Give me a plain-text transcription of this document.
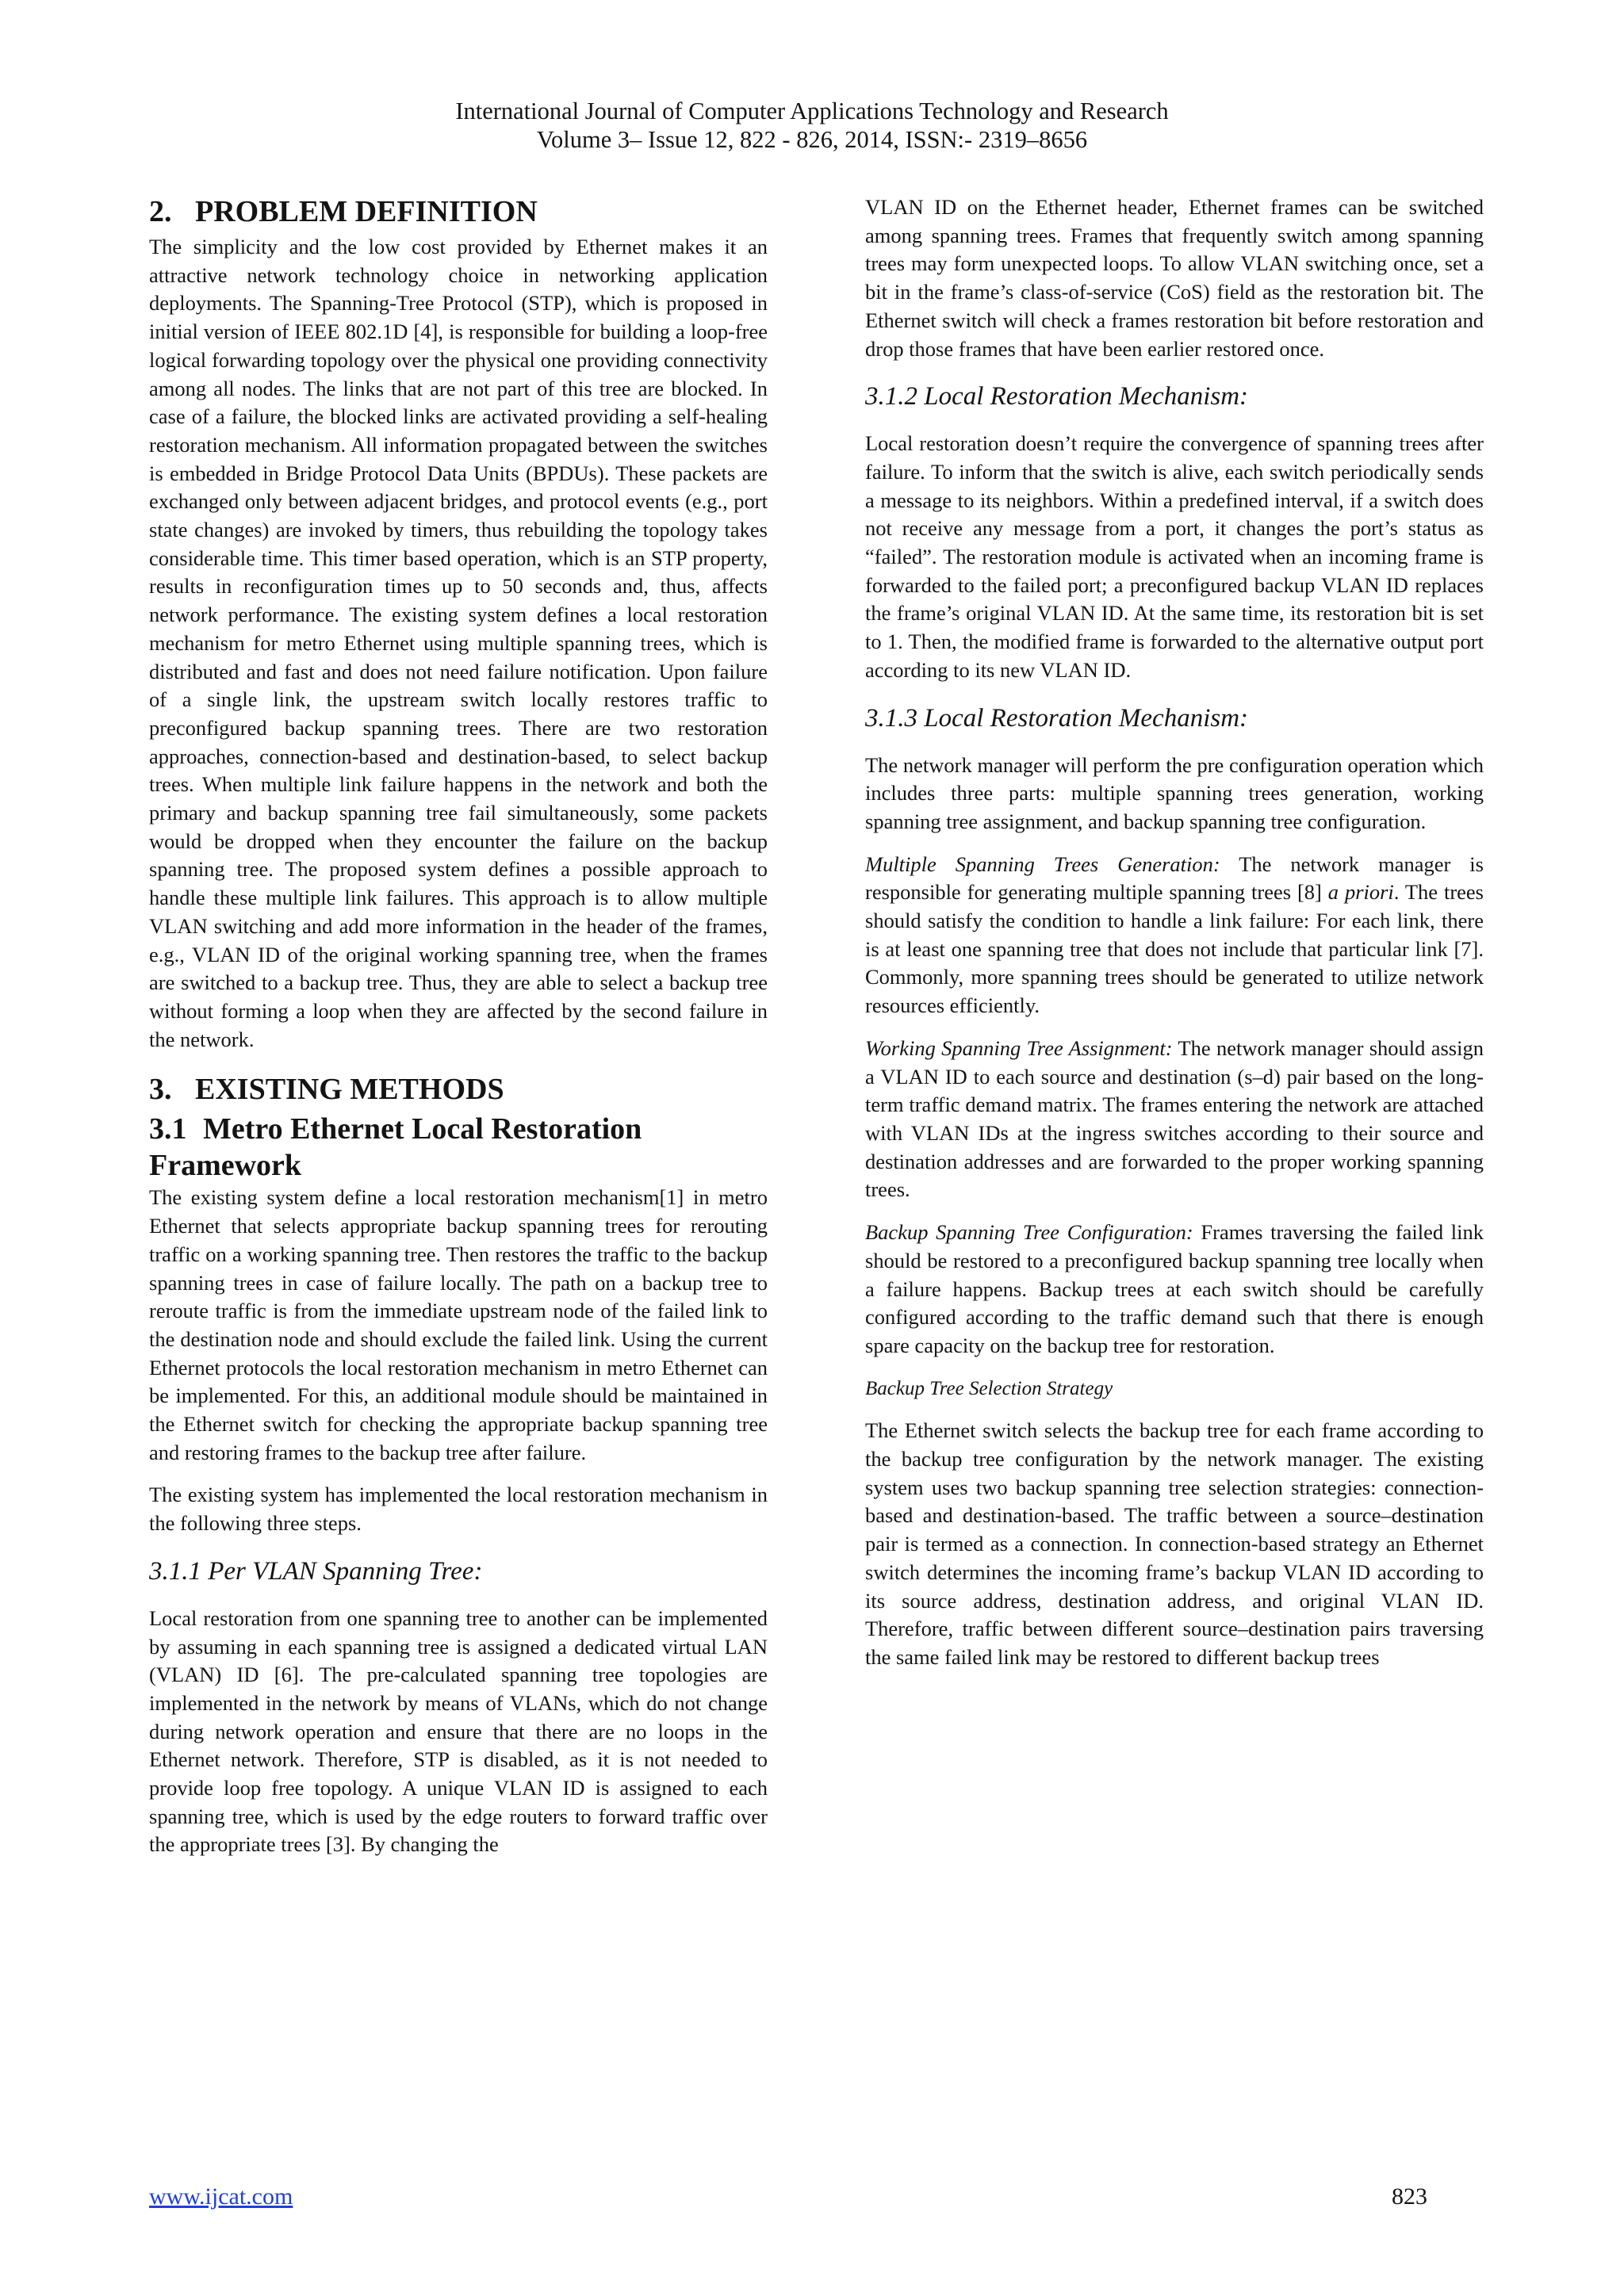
International Journal of Computer Applications Technology and Research
Volume 3– Issue 12, 822 - 826, 2014, ISSN:- 2319–8656
2. PROBLEM DEFINITION

The simplicity and the low cost provided by Ethernet makes it an attractive network technology choice in networking application deployments. The Spanning-Tree Protocol (STP), which is proposed in initial version of IEEE 802.1D [4], is responsible for building a loop-free logical forwarding topology over the physical one providing connectivity among all nodes. The links that are not part of this tree are blocked. In case of a failure, the blocked links are activated providing a self-healing restoration mechanism. All information propagated between the switches is embedded in Bridge Protocol Data Units (BPDUs). These packets are exchanged only between adjacent bridges, and protocol events (e.g., port state changes) are invoked by timers, thus rebuilding the topology takes considerable time. This timer based operation, which is an STP property, results in reconfiguration times up to 50 seconds and, thus, affects network performance. The existing system defines a local restoration mechanism for metro Ethernet using multiple spanning trees, which is distributed and fast and does not need failure notification. Upon failure of a single link, the upstream switch locally restores traffic to preconfigured backup spanning trees. There are two restoration approaches, connection-based and destination-based, to select backup trees. When multiple link failure happens in the network and both the primary and backup spanning tree fail simultaneously, some packets would be dropped when they encounter the failure on the backup spanning tree. The proposed system defines a possible approach to handle these multiple link failures. This approach is to allow multiple VLAN switching and add more information in the header of the frames, e.g., VLAN ID of the original working spanning tree, when the frames are switched to a backup tree. Thus, they are able to select a backup tree without forming a loop when they are affected by the second failure in the network.

3. EXISTING METHODS
3.1 Metro Ethernet Local Restoration Framework

The existing system define a local restoration mechanism[1] in metro Ethernet that selects appropriate backup spanning trees for rerouting traffic on a working spanning tree. Then restores the traffic to the backup spanning trees in case of failure locally. The path on a backup tree to reroute traffic is from the immediate upstream node of the failed link to the destination node and should exclude the failed link. Using the current Ethernet protocols the local restoration mechanism in metro Ethernet can be implemented. For this, an additional module should be maintained in the Ethernet switch for checking the appropriate backup spanning tree and restoring frames to the backup tree after failure.

The existing system has implemented the local restoration mechanism in the following three steps.

3.1.1 Per VLAN Spanning Tree:

Local restoration from one spanning tree to another can be implemented by assuming in each spanning tree is assigned a dedicated virtual LAN (VLAN) ID [6]. The pre-calculated spanning tree topologies are implemented in the network by means of VLANs, which do not change during network operation and ensure that there are no loops in the Ethernet network. Therefore, STP is disabled, as it is not needed to provide loop free topology. A unique VLAN ID is assigned to each spanning tree, which is used by the edge routers to forward traffic over the appropriate trees [3]. By changing the

VLAN ID on the Ethernet header, Ethernet frames can be switched among spanning trees. Frames that frequently switch among spanning trees may form unexpected loops. To allow VLAN switching once, set a bit in the frame’s class-of-service (CoS) field as the restoration bit. The Ethernet switch will check a frames restoration bit before restoration and drop those frames that have been earlier restored once.

3.1.2 Local Restoration Mechanism:

Local restoration doesn’t require the convergence of spanning trees after failure. To inform that the switch is alive, each switch periodically sends a message to its neighbors. Within a predefined interval, if a switch does not receive any message from a port, it changes the port’s status as “failed”. The restoration module is activated when an incoming frame is forwarded to the failed port; a preconfigured backup VLAN ID replaces the frame’s original VLAN ID. At the same time, its restoration bit is set to 1. Then, the modified frame is forwarded to the alternative output port according to its new VLAN ID.

3.1.3 Local Restoration Mechanism:

The network manager will perform the pre configuration operation which includes three parts: multiple spanning trees generation, working spanning tree assignment, and backup spanning tree configuration.

Multiple Spanning Trees Generation: The network manager is responsible for generating multiple spanning trees [8] a priori. The trees should satisfy the condition to handle a link failure: For each link, there is at least one spanning tree that does not include that particular link [7]. Commonly, more spanning trees should be generated to utilize network resources efficiently.

Working Spanning Tree Assignment: The network manager should assign a VLAN ID to each source and destination (s–d) pair based on the long-term traffic demand matrix. The frames entering the network are attached with VLAN IDs at the ingress switches according to their source and destination addresses and are forwarded to the proper working spanning trees.

Backup Spanning Tree Configuration: Frames traversing the failed link should be restored to a preconfigured backup spanning tree locally when a failure happens. Backup trees at each switch should be carefully configured according to the traffic demand such that there is enough spare capacity on the backup tree for restoration.

Backup Tree Selection Strategy

The Ethernet switch selects the backup tree for each frame according to the backup tree configuration by the network manager. The existing system uses two backup spanning tree selection strategies: connection-based and destination-based. The traffic between a source–destination pair is termed as a connection. In connection-based strategy an Ethernet switch determines the incoming frame’s backup VLAN ID according to its source address, destination address, and original VLAN ID. Therefore, traffic between different source–destination pairs traversing the same failed link may be restored to different backup trees

www.ijcat.com	823
